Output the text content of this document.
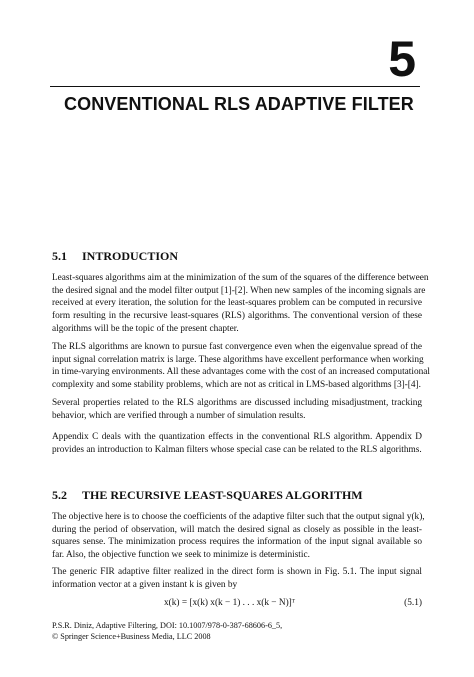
5
CONVENTIONAL RLS ADAPTIVE FILTER
5.1 INTRODUCTION

Least-squares algorithms aim at the minimization of the sum of the squares of the difference between
the desired signal and the model filter output [1]-[2]. When new samples of the incoming signals are
received at every iteration, the solution for the least-squares problem can be computed in recursive
form resulting in the recursive least-squares (RLS) algorithms. The conventional version of these
algorithms will be the topic of the present chapter.

The RLS algorithms are known to pursue fast convergence even when the eigenvalue spread of the
input signal correlation matrix is large. These algorithms have excellent performance when working
in time-varying environments. All these advantages come with the cost of an increased computational
complexity and some stability problems, which are not as critical in LMS-based algorithms [3]-[4].

Several properties related to the RLS algorithms are discussed including misadjustment, tracking
behavior, which are verified through a number of simulation results.

Appendix C deals with the quantization effects in the conventional RLS algorithm. Appendix D
provides an introduction to Kalman filters whose special case can be related to the RLS algorithms.

5.2 THE RECURSIVE LEAST-SQUARES ALGORITHM

The objective here is to choose the coefficients of the adaptive filter such that the output signal y(k),
during the period of observation, will match the desired signal as closely as possible in the least-
squares sense. The minimization process requires the information of the input signal available so
far. Also, the objective function we seek to minimize is deterministic.

The generic FIR adaptive filter realized in the direct form is shown in Fig. 5.1. The input signal
information vector at a given instant k is given by

x(k) = [x(k) x(k − 1) . . . x(k − N)]ᵀ	(5.1)
P.S.R. Diniz, Adaptive Filtering, DOI: 10.1007/978-0-387-68606-6_5,
© Springer Science+Business Media, LLC 2008
